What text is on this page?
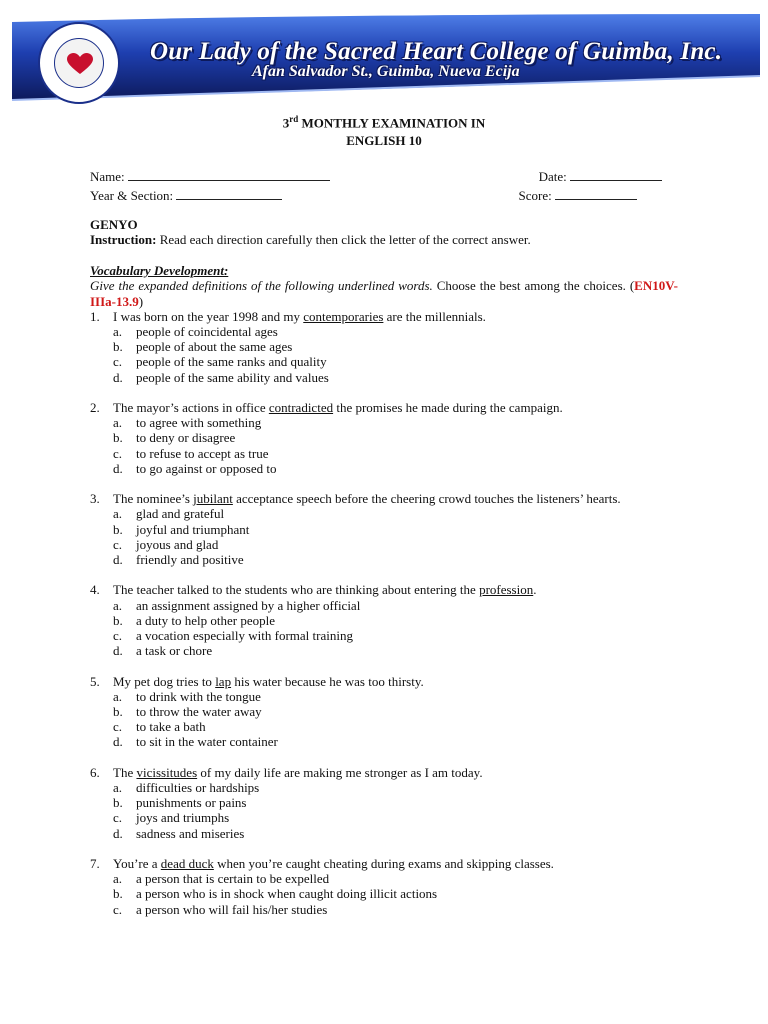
Our Lady of the Sacred Heart College of Guimba, Inc.
Afan Salvador St., Guimba, Nueva Ecija
3rd MONTHLY EXAMINATION IN
ENGLISH 10
Name:	Date:
Year & Section:	Score:
GENYO
Instruction: Read each direction carefully then click the letter of the correct answer.
Vocabulary Development:
Give the expanded definitions of the following underlined words. Choose the best among the choices. (EN10V-IIIa-13.9)
1.	I was born on the year 1998 and my contemporaries are the millennials.
a.	people of coincidental ages
b.	people of about the same ages
c.	people of the same ranks and quality
d.	people of the same ability and values
2.	The mayor’s actions in office contradicted the promises he made during the campaign.
a.	to agree with something
b.	to deny or disagree
c.	to refuse to accept as true
d.	to go against or opposed to
3.	The nominee’s jubilant acceptance speech before the cheering crowd touches the listeners’ hearts.
a.	glad and grateful
b.	joyful and triumphant
c.	joyous and glad
d.	friendly and positive
4.	The teacher talked to the students who are thinking about entering the profession.
a.	an assignment assigned by a higher official
b.	a duty to help other people
c.	a vocation especially with formal training
d.	a task or chore
5.	My pet dog tries to lap his water because he was too thirsty.
a.	to drink with the tongue
b.	to throw the water away
c.	to take a bath
d.	to sit in the water container
6.	The vicissitudes of my daily life are making me stronger as I am today.
a.	difficulties or hardships
b.	punishments or pains
c.	joys and triumphs
d.	sadness and miseries
7.	You’re a dead duck when you’re caught cheating during exams and skipping classes.
a.	a person that is certain to be expelled
b.	a person who is in shock when caught doing illicit actions
c.	a person who will fail his/her studies
